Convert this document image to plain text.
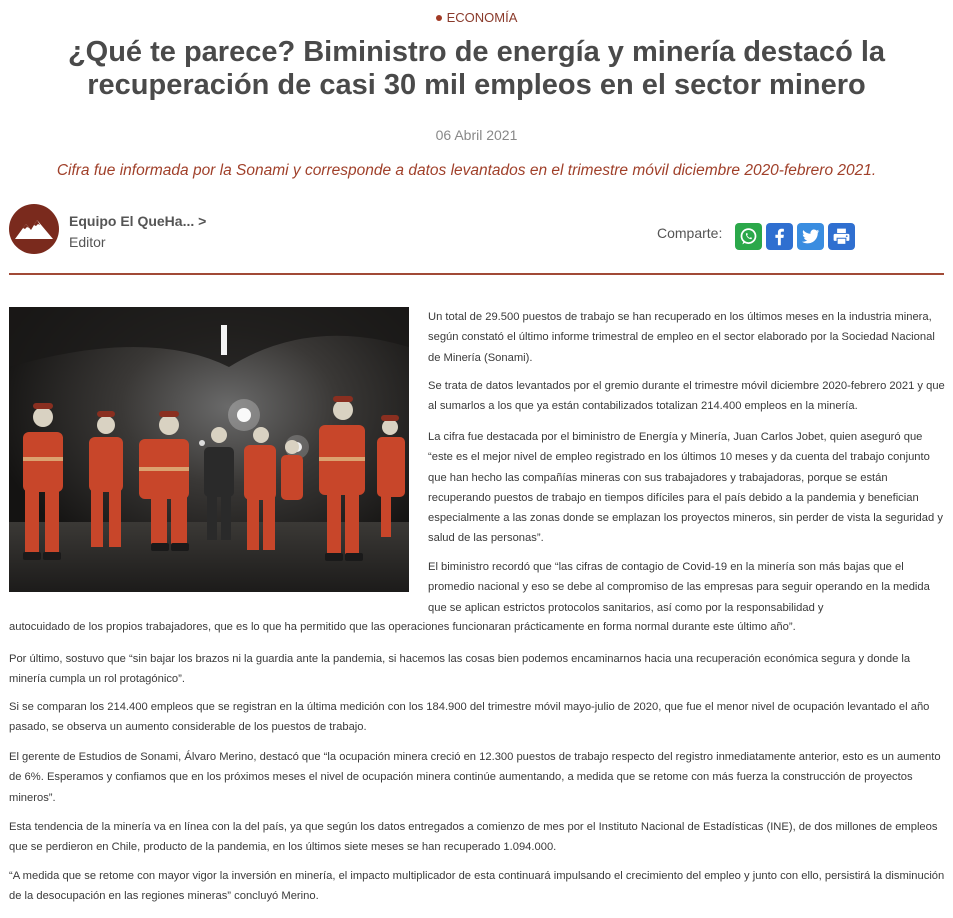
ECONOMÍA
¿Qué te parece? Biministro de energía y minería destacó la recuperación de casi 30 mil empleos en el sector minero
06 Abril 2021
Cifra fue informada por la Sonami y corresponde a datos levantados en el trimestre móvil diciembre 2020-febrero 2021.
Equipo El QueHa... >
Editor
Comparte:

Un total de 29.500 puestos de trabajo se han recuperado en los últimos meses en la industria minera, según constató el último informe trimestral de empleo en el sector elaborado por la Sociedad Nacional de Minería (Sonami).

Se trata de datos levantados por el gremio durante el trimestre móvil diciembre 2020-febrero 2021 y que al sumarlos a los que ya están contabilizados totalizan 214.400 empleos en la minería.

La cifra fue destacada por el biministro de Energía y Minería, Juan Carlos Jobet, quien aseguró que “este es el mejor nivel de empleo registrado en los últimos 10 meses y da cuenta del trabajo conjunto que han hecho las compañías mineras con sus trabajadores y trabajadoras, porque se están recuperando puestos de trabajo en tiempos difíciles para el país debido a la pandemia y benefician especialmente a las zonas donde se emplazan los proyectos mineros, sin perder de vista la seguridad y salud de las personas”.

El biministro recordó que “las cifras de contagio de Covid-19 en la minería son más bajas que el promedio nacional y eso se debe al compromiso de las empresas para seguir operando en la medida que se aplican estrictos protocolos sanitarios, así como por la responsabilidad y

autocuidado de los propios trabajadores, que es lo que ha permitido que las operaciones funcionaran prácticamente en forma normal durante este último año”.

Por último, sostuvo que “sin bajar los brazos ni la guardia ante la pandemia, si hacemos las cosas bien podemos encaminarnos hacia una recuperación económica segura y donde la minería cumpla un rol protagónico”.

Si se comparan los 214.400 empleos que se registran en la última medición con los 184.900 del trimestre móvil mayo-julio de 2020, que fue el menor nivel de ocupación levantado el año pasado, se observa un aumento considerable de los puestos de trabajo.

El gerente de Estudios de Sonami, Álvaro Merino, destacó que “la ocupación minera creció en 12.300 puestos de trabajo respecto del registro inmediatamente anterior, esto es un aumento de 6%. Esperamos y confiamos que en los próximos meses el nivel de ocupación minera continúe aumentando, a medida que se retome con más fuerza la construcción de proyectos mineros”.

Esta tendencia de la minería va en línea con la del país, ya que según los datos entregados a comienzo de mes por el Instituto Nacional de Estadísticas (INE), de dos millones de empleos que se perdieron en Chile, producto de la pandemia, en los últimos siete meses se han recuperado 1.094.000.

“A medida que se retome con mayor vigor la inversión en minería, el impacto multiplicador de esta continuará impulsando el crecimiento del empleo y junto con ello, persistirá la disminución de la desocupación en las regiones mineras” concluyó Merino.
